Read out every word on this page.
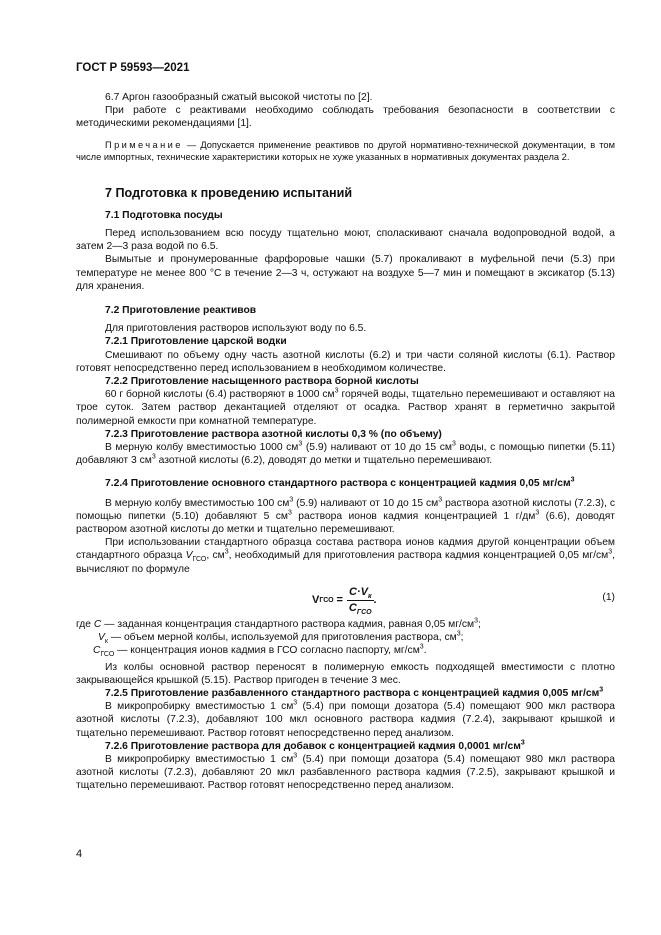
ГОСТ Р 59593—2021

6.7 Аргон газообразный сжатый высокой чистоты по [2].

При работе с реактивами необходимо соблюдать требования безопасности в соответствии с методическими рекомендациями [1].

Примечание — Допускается применение реактивов по другой нормативно-технической документации, в том числе импортных, технические характеристики которых не хуже указанных в нормативных документах раздела 2.

7 Подготовка к проведению испытаний
7.1 Подготовка посуды

Перед использованием всю посуду тщательно моют, споласкивают сначала водопроводной водой, а затем 2—3 раза водой по 6.5.

Вымытые и пронумерованные фарфоровые чашки (5.7) прокаливают в муфельной печи (5.3) при температуре не менее 800 °С в течение 2—3 ч, остужают на воздухе 5—7 мин и помещают в эксикатор (5.13) для хранения.

7.2 Приготовление реактивов

Для приготовления растворов используют воду по 6.5.

7.2.1 Приготовление царской водки

Смешивают по объему одну часть азотной кислоты (6.2) и три части соляной кислоты (6.1). Раствор готовят непосредственно перед использованием в необходимом количестве.

7.2.2 Приготовление насыщенного раствора борной кислоты

60 г борной кислоты (6.4) растворяют в 1000 $см^3$ горячей воды, тщательно перемешивают и оставляют на трое суток. Затем раствор декантацией отделяют от осадка. Раствор хранят в герметично закрытой полимерной емкости при комнатной температуре.

7.2.3 Приготовление раствора азотной кислоты 0,3 % (по объему)

В мерную колбу вместимостью 1000 $см^3$ (5.9) наливают от 10 до 15 $см^3$ воды, с помощью пипетки (5.11) добавляют 3 $см^3$ азотной кислоты (6.2), доводят до метки и тщательно перемешивают.

7.2.4 Приготовление основного стандартного раствора с концентрацией кадмия 0,05 $мг/см^3$

В мерную колбу вместимостью 100 $см^3$ (5.9) наливают от 10 до 15 $см^3$ раствора азотной кислоты (7.2.3), с помощью пипетки (5.10) добавляют 5 $см^3$ раствора ионов кадмия концентрацией 1 $г/дм^3$ (6.6), доводят раствором азотной кислоты до метки и тщательно перемешивают.

При использовании стандартного образца состава раствора ионов кадмия другой концентрации объем стандартного образца $V_{ГСО}$, $см^3$, необходимый для приготовления раствора кадмия концентрацией 0,05 $мг/см^3$, вычисляют по формуле

V ГСО = $\frac{C\cdot V_к}{C_{ГСО}}$ .	(1)

где C — заданная концентрация стандартного раствора кадмия, равная 0,05 $мг/см^3$;

$V_к$ — объем мерной колбы, используемой для приготовления раствора, $см^3$;

$C_{ГСО}$ — концентрация ионов кадмия в ГСО согласно паспорту, $мг/см^3$.

Из колбы основной раствор переносят в полимерную емкость подходящей вместимости с плотно закрывающейся крышкой (5.15). Раствор пригоден в течение 3 мес.

7.2.5 Приготовление разбавленного стандартного раствора с концентрацией кадмия 0,005 $мг/см^3$

В микропробирку вместимостью 1 $см^3$ (5.4) при помощи дозатора (5.4) помещают 900 мкл раствора азотной кислоты (7.2.3), добавляют 100 мкл основного раствора кадмия (7.2.4), закрывают крышкой и тщательно перемешивают. Раствор готовят непосредственно перед анализом.

7.2.6 Приготовление раствора для добавок с концентрацией кадмия 0,0001 $мг/см^3$

В микропробирку вместимостью 1 $см^3$ (5.4) при помощи дозатора (5.4) помещают 980 мкл раствора азотной кислоты (7.2.3), добавляют 20 мкл разбавленного раствора кадмия (7.2.5), закрывают крышкой и тщательно перемешивают. Раствор готовят непосредственно перед анализом.

4
